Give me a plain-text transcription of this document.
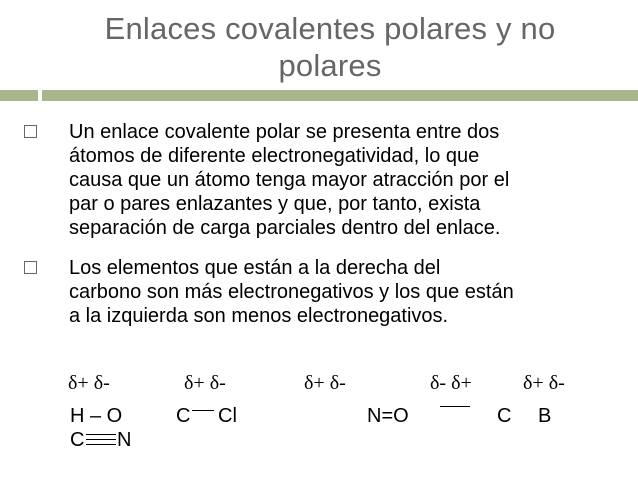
Enlaces covalentes polares y no
polares
Un enlace covalente polar se presenta entre dos
átomos de diferente electronegatividad, lo que
causa que un átomo tenga mayor atracción por el
par o pares enlazantes y que, por tanto, exista
separación de carga parciales dentro del enlace.
Los elementos que están a la derecha del
carbono son más electronegativos y los que están
a la izquierda son menos electronegativos.
δ+ δ-	δ+ δ-	δ+ δ-	δ- δ+	δ+ δ-
H – O	C Cl	N=O	C B
C N
